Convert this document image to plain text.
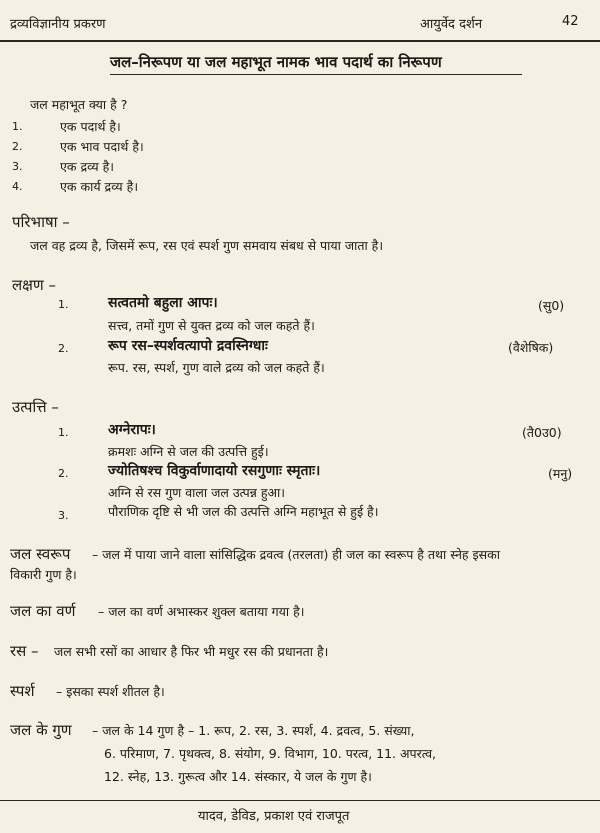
द्रव्यविज्ञानीय प्रकरण	आयुर्वेद दर्शन	42
जल–निरूपण या जल महाभूत नामक भाव पदार्थ का निरूपण
जल महाभूत क्या है ?
1.	एक पदार्थ है।
2.	एक भाव पदार्थ है।
3.	एक द्रव्य है।
4.	एक कार्य द्रव्य है।
परिभाषा –
जल वह द्रव्य है, जिसमें रूप, रस एवं स्पर्श गुण समवाय संबध से पाया जाता है।
लक्षण –
1.	सत्वतमो बहुला आपः।	(सु0)
सत्त्व, तमों गुण से युक्त द्रव्य को जल कहते हैं।
2.	रूप रस–स्पर्शवत्यापो द्रवस्निग्धाः	(वैशेषिक)
रूप. रस, स्पर्श, गुण वाले द्रव्य को जल कहते हैं।
उत्पत्ति –
1.	अग्नेरापः।	(तै0उ0)
क्रमशः अग्नि से जल की उत्पत्ति हुई।
2.	ज्योतिषश्च विकुर्वाणादायो रसगुणाः स्मृताः।	(मनु)
अग्नि से रस गुण वाला जल उत्पन्न हुआ।
3.	पौराणिक दृष्टि से भी जल की उत्पत्ति अग्नि महाभूत से हुई है।
जल स्वरूप – जल में पाया जाने वाला सांसिद्धिक द्रवत्व (तरलता) ही जल का स्वरूप है तथा स्नेह इसका
विकारी गुण है।
जल का वर्ण – जल का वर्ण अभास्कर शुक्ल बताया गया है।
रस – जल सभी रसों का आधार है फिर भी मधुर रस की प्रधानता है।
स्पर्श – इसका स्पर्श शीतल है।
जल के गुण – जल के 14 गुण है – 1. रूप, 2. रस, 3. स्पर्श, 4. द्रवत्व, 5. संख्या,
6. परिमाण, 7. पृथक्त्व, 8. संयोग, 9. विभाग, 10. परत्व, 11. अपरत्व,
12. स्नेह, 13. गुरूत्व और 14. संस्कार, ये जल के गुण है।
यादव, डेविड, प्रकाश एवं राजपूत
